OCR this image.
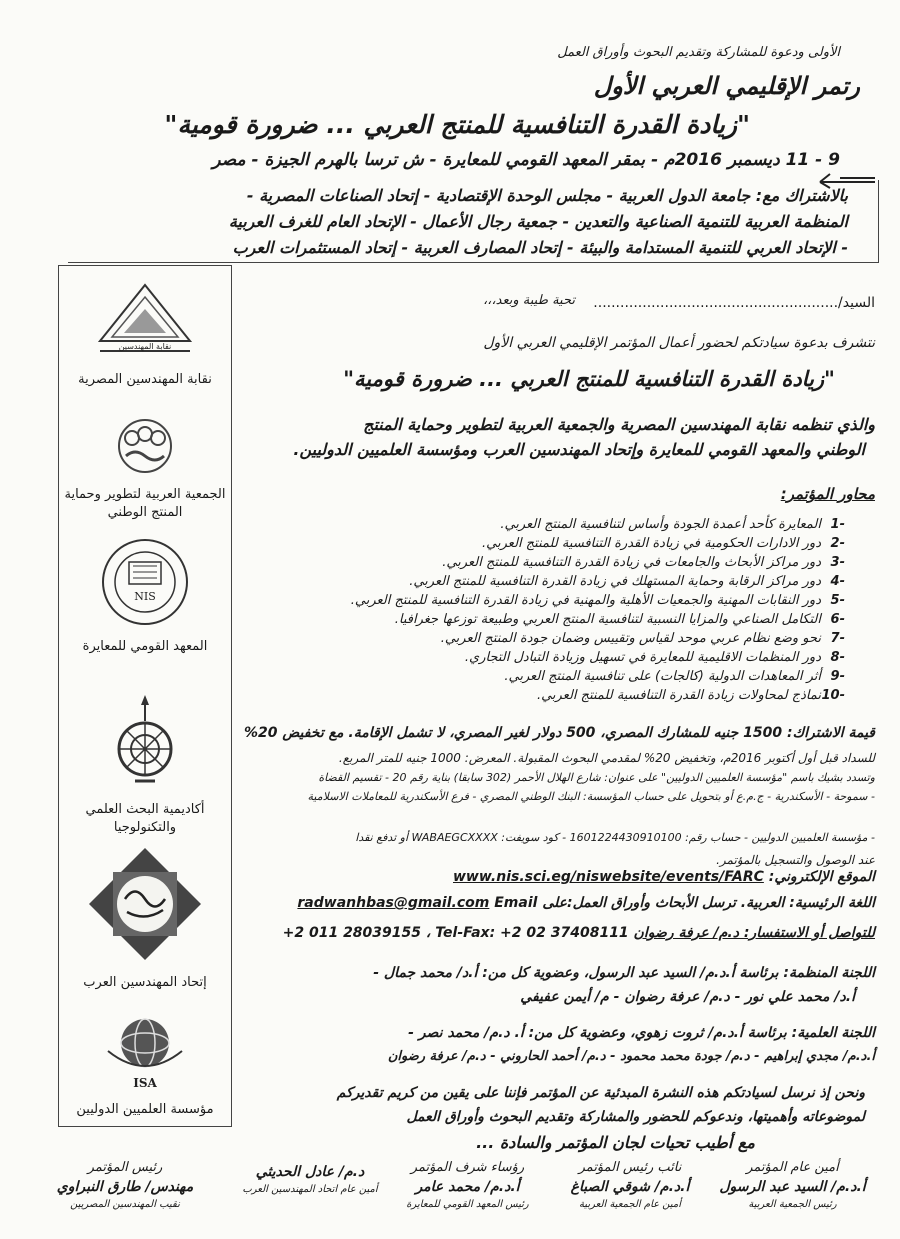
الأولى ودعوة للمشاركة وتقديم البحوث وأوراق العمل
رتمر الإقليمي العربي الأول
"زيادة القدرة التنافسية للمنتج العربي ... ضرورة قومية"
9 - 11 ديسمبر 2016م - بمقر المعهد القومي للمعايرة - ش ترسا بالهرم الجيزة - مصر
بالاشتراك مع: جامعة الدول العربية - مجلس الوحدة الإقتصادية - إتحاد الصناعات المصرية -
المنظمة العربية للتنمية الصناعية والتعدين - جمعية رجال الأعمال - الإتحاد العام للغرف العربية
- الإتحاد العربي للتنمية المستدامة والبيئة - إتحاد المصارف العربية - إتحاد المستثمرات العرب
نقابة المهندسين
نقابة المهندسين المصرية
الجمعية العربية لتطوير وحماية المنتج الوطني
NIS
المعهد القومي للمعايرة
أكاديمية البحث العلمي والتكنولوجيا
إتحاد المهندسين العرب
ISA
مؤسسة العلميين الدوليين
السيد/.......................................................
تحية طيبة وبعد،،،
نتشرف بدعوة سيادتكم لحضور أعمال المؤتمر الإقليمي العربي الأول
"زيادة القدرة التنافسية للمنتج العربي ... ضرورة قومية"
والذي تنظمه نقابة المهندسين المصرية والجمعية العربية لتطوير وحماية المنتج
الوطني والمعهد القومي للمعايرة وإتحاد المهندسين العرب ومؤسسة العلميين الدوليين.
محاور المؤتمر:
-1المعايرة كأحد أعمدة الجودة وأساس لتنافسية المنتج العربي.
-2دور الادارات الحكومية في زيادة القدرة التنافسية للمنتج العربي.
-3دور مراكز الأبحاث والجامعات في زيادة القدرة التنافسية للمنتج العربي.
-4دور مراكز الرقابة وحماية المستهلك في زيادة القدرة التنافسية للمنتج العربي.
-5دور النقابات المهنية والجمعيات الأهلية والمهنية في زيادة القدرة التنافسية للمنتج العربي.
-6التكامل الصناعي والمزايا النسبية لتنافسية المنتج العربي وطبيعة توزعها جغرافيا.
-7نحو وضع نظام عربي موحد لقياس وتقييس وضمان جودة المنتج العربي.
-8دور المنظمات الاقليمية للمعايرة في تسهيل وزيادة التبادل التجاري.
-9أثر المعاهدات الدولية (كالجات) على تنافسية المنتج العربي.
-10نماذج لمحاولات زيادة القدرة التنافسية للمنتج العربي.
قيمة الاشتراك: 1500 جنيه للمشارك المصري، 500 دولار لغير المصري، لا تشمل الإقامة. مع تخفيض 20%
للسداد قبل أول أكتوبر 2016م، وتخفيض 20% لمقدمي البحوث المقبولة. المعرض: 1000 جنيه للمتر المربع.
وتسدد بشيك باسم "مؤسسة العلميين الدوليين" على عنوان: شارع الهلال الأحمر (302 سابقا) بناية رقم 20 - تقسيم القضاة
- سموحة - الأسكندرية - ج.م.ع أو بتحويل على حساب المؤسسة: البنك الوطني المصري - فرع الأسكندرية للمعاملات الاسلامية
- مؤسسة العلميين الدوليين - حساب رقم: 1601224430910100 - كود سويفت: WABAEGCXXXX أو تدفع نقدا
عند الوصول والتسجيل بالمؤتمر.
الموقع الإلكتروني: www.nis.sci.eg/niswebsite/events/FARC
اللغة الرئيسية: العربية. ترسل الأبحاث وأوراق العمل:على radwanhbas@gmail.com Email
للتواصل أو الاستفسار: د.م/ عرفة رضوان +2 011 28039155 ، Tel-Fax: +2 02 37408111
اللجنة المنظمة: برئاسة أ.د.م/ السيد عبد الرسول، وعضوية كل من: أ.د/ محمد جمال -
أ.د/ محمد علي نور - د.م/ عرفة رضوان - م/ أيمن عفيفي
اللجنة العلمية: برئاسة أ.د.م/ ثروت زهوي، وعضوية كل من: أ. د.م/ محمد نصر -
أ.د.م/ مجدي إبراهيم - د.م/ جودة محمد محمود - د.م/ أحمد الحاروني - د.م/ عرفة رضوان
ونحن إذ نرسل لسيادتكم هذه النشرة المبدئية عن المؤتمر فإننا على يقين من كريم تقديركم
لموضوعاته وأهميتها، وندعوكم للحضور والمشاركة وتقديم البحوث وأوراق العمل
مع أطيب تحيات لجان المؤتمر والسادة ...
أمين عام المؤتمر
أ.د.م/ السيد عبد الرسول
رئيس الجمعية العربية
نائب رئيس المؤتمر
أ.د.م/ شوقي الصباغ
أمين عام الجمعية العربية
رؤساء شرف المؤتمر
أ.د.م/ محمد عامر
رئيس المعهد القومي للمعايرة
د.م/ عادل الحديثي
أمين عام اتحاد المهندسين العرب
رئيس المؤتمر
مهندس/ طارق النبراوي
نقيب المهندسين المصريين
